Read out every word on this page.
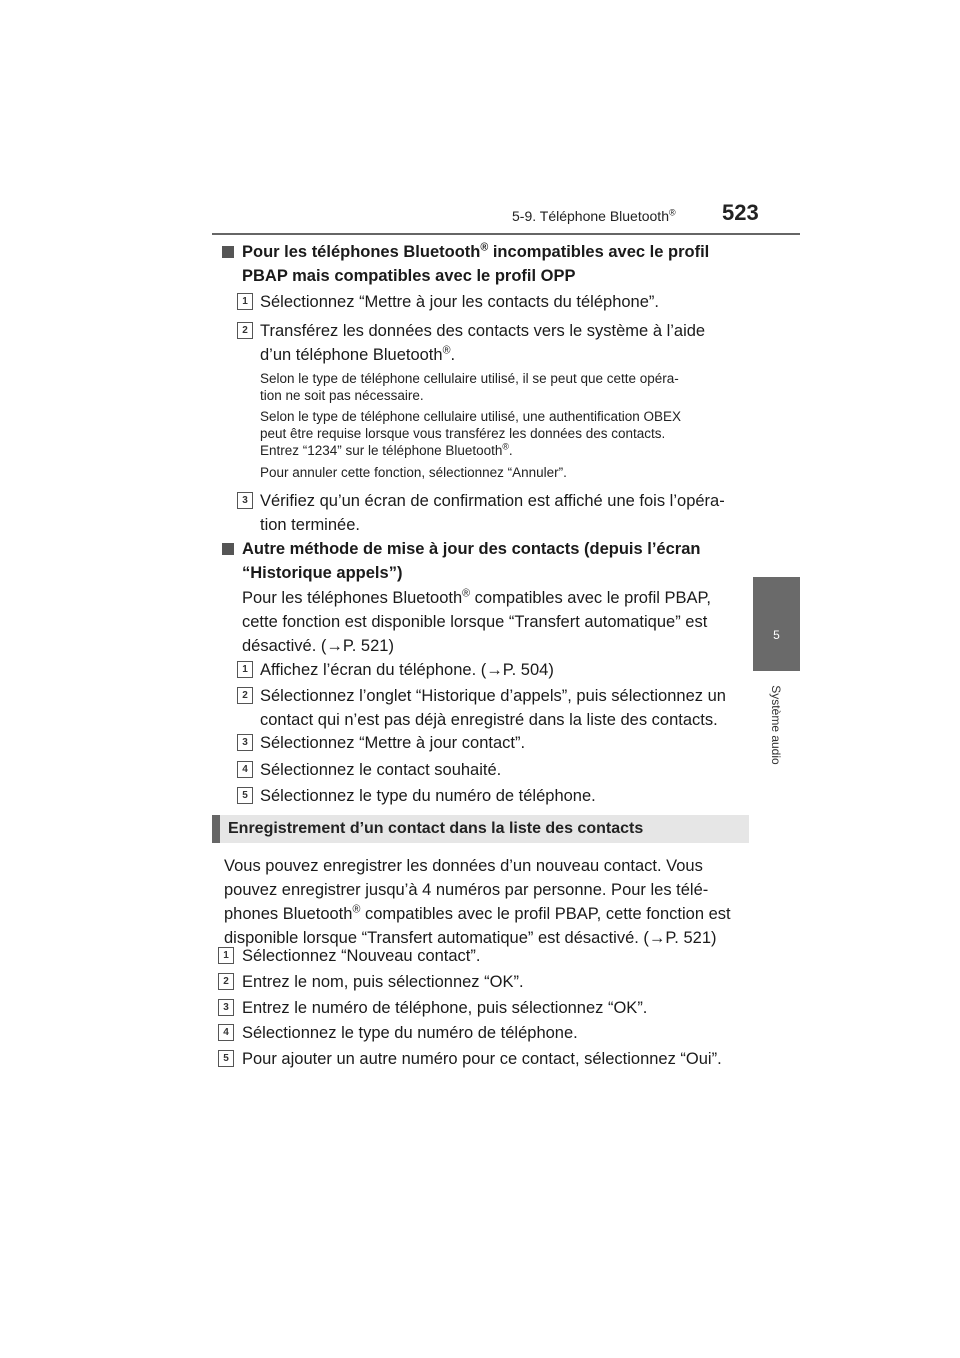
5-9. Téléphone Bluetooth® 523
5
Système audio
Pour les téléphones Bluetooth® incompatibles avec le profil
PBAP mais compatibles avec le profil OPP
1 Sélectionnez “Mettre à jour les contacts du téléphone”.
2 Transférez les données des contacts vers le système à l’aide
d’un téléphone Bluetooth®.
Selon le type de téléphone cellulaire utilisé, il se peut que cette opéra-
tion ne soit pas nécessaire.
Selon le type de téléphone cellulaire utilisé, une authentification OBEX
peut être requise lorsque vous transférez les données des contacts.
Entrez “1234” sur le téléphone Bluetooth®.
Pour annuler cette fonction, sélectionnez “Annuler”.
3 Vérifiez qu’un écran de confirmation est affiché une fois l’opéra-
tion terminée.
Autre méthode de mise à jour des contacts (depuis l’écran
“Historique appels”)
Pour les téléphones Bluetooth® compatibles avec le profil PBAP,
cette fonction est disponible lorsque “Transfert automatique” est
désactivé. (→P. 521)
1 Affichez l’écran du téléphone. (→P. 504)
2 Sélectionnez l’onglet “Historique d’appels”, puis sélectionnez un
contact qui n’est pas déjà enregistré dans la liste des contacts.
3 Sélectionnez “Mettre à jour contact”.
4 Sélectionnez le contact souhaité.
5 Sélectionnez le type du numéro de téléphone.
Enregistrement d’un contact dans la liste des contacts
Vous pouvez enregistrer les données d’un nouveau contact. Vous
pouvez enregistrer jusqu’à 4 numéros par personne. Pour les télé-
phones Bluetooth® compatibles avec le profil PBAP, cette fonction est
disponible lorsque “Transfert automatique” est désactivé. (→P. 521)
1 Sélectionnez “Nouveau contact”.
2 Entrez le nom, puis sélectionnez “OK”.
3 Entrez le numéro de téléphone, puis sélectionnez “OK”.
4 Sélectionnez le type du numéro de téléphone.
5 Pour ajouter un autre numéro pour ce contact, sélectionnez “Oui”.
